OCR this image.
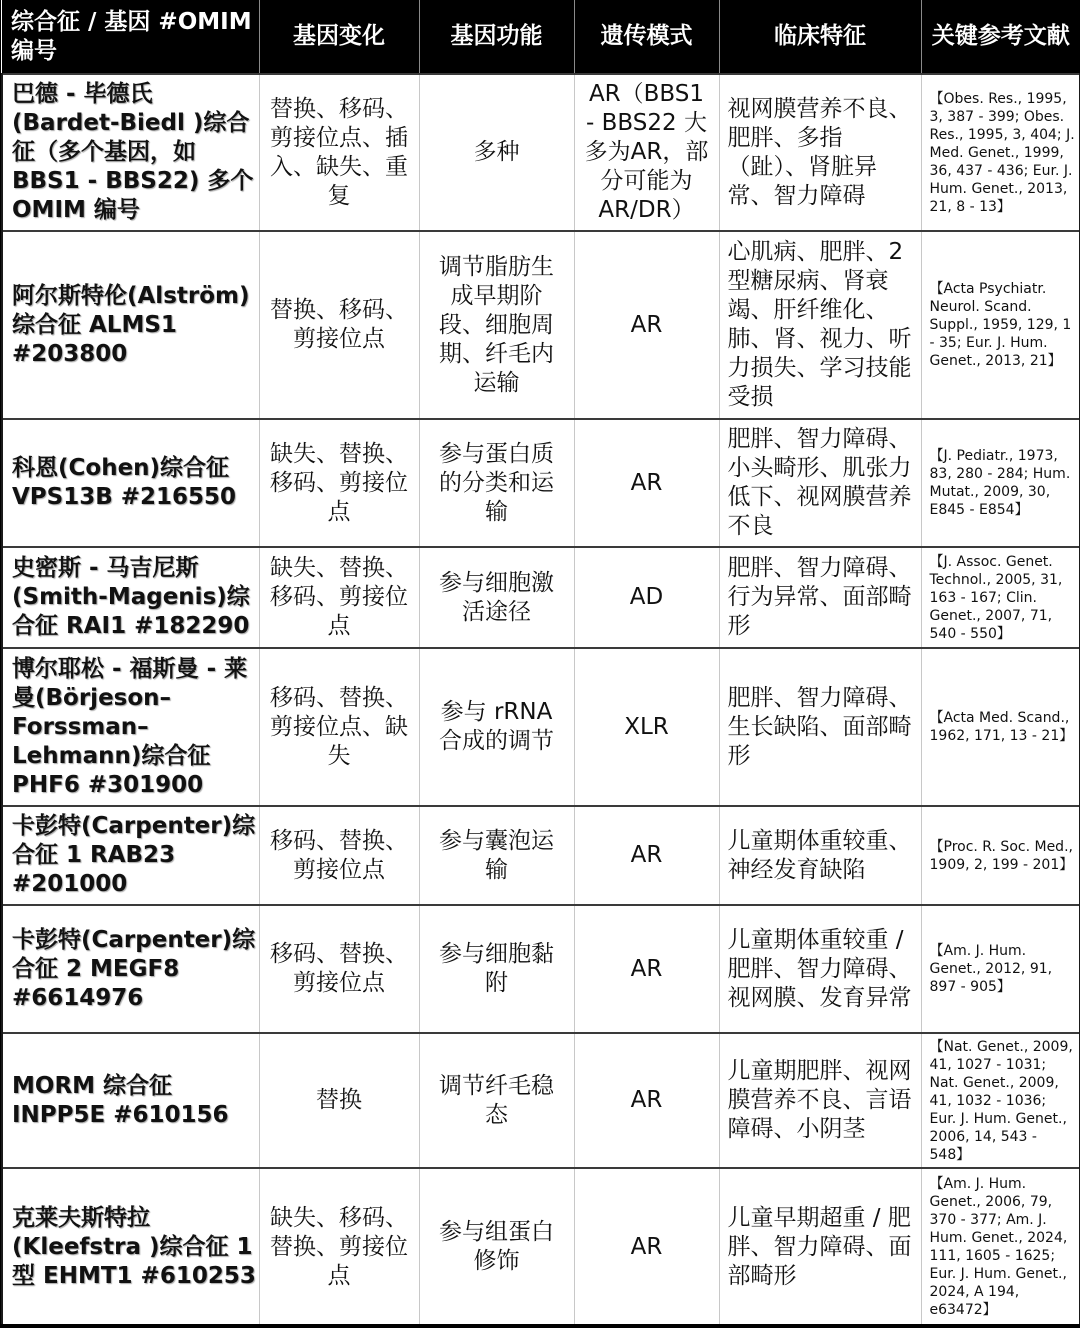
综合征 / 基因 #OMIM 编号	基因变化	基因功能	遗传模式	临床特征	关键参考文献
巴德 - 毕德氏 (Bardet-Biedl )综合征（多个基因，如 BBS1 - BBS22) 多个 OMIM 编号	替换、移码、剪接位点、插入、缺失、重复	多种	AR（BBS1 - BBS22 大多为AR，部分可能为AR/DR）	视网膜营养不良、肥胖、多指（趾）、肾脏异常、智力障碍	【Obes. Res., 1995, 3, 387 - 399; Obes. Res., 1995, 3, 404; J. Med. Genet., 1999, 36, 437 - 436; Eur. J. Hum. Genet., 2013, 21, 8 - 13】
阿尔斯特伦(Alström) 综合征 ALMS1 #203800	替换、移码、剪接位点	调节脂肪生成早期阶段、细胞周期、纤毛内运输	AR	心肌病、肥胖、2 型糖尿病、肾衰竭、肝纤维化、肺、肾、视力、听力损失、学习技能受损	【Acta Psychiatr. Neurol. Scand. Suppl., 1959, 129, 1 - 35; Eur. J. Hum. Genet., 2013, 21】
科恩(Cohen)综合征 VPS13B #216550	缺失、替换、移码、剪接位点	参与蛋白质的分类和运输	AR	肥胖、智力障碍、小头畸形、肌张力低下、视网膜营养不良	【J. Pediatr., 1973, 83, 280 - 284; Hum. Mutat., 2009, 30, E845 - E854】
史密斯 - 马吉尼斯 (Smith-Magenis)综合征 RAI1 #182290	缺失、替换、移码、剪接位点	参与细胞激活途径	AD	肥胖、智力障碍、行为异常、面部畸形	【J. Assoc. Genet. Technol., 2005, 31, 163 - 167; Clin. Genet., 2007, 71, 540 - 550】
博尔耶松 - 福斯曼 - 莱曼(Börjeson–Forssman–Lehmann)综合征 PHF6 #301900	移码、替换、剪接位点、缺失	参与 rRNA 合成的调节	XLR	肥胖、智力障碍、生长缺陷、面部畸形	【Acta Med. Scand., 1962, 171, 13 - 21】
卡彭特(Carpenter)综合征 1 RAB23 #201000	移码、替换、剪接位点	参与囊泡运输	AR	儿童期体重较重、神经发育缺陷	【Proc. R. Soc. Med., 1909, 2, 199 - 201】
卡彭特(Carpenter)综合征 2 MEGF8 #6614976	移码、替换、剪接位点	参与细胞黏附	AR	儿童期体重较重 / 肥胖、智力障碍、视网膜、发育异常	【Am. J. Hum. Genet., 2012, 91, 897 - 905】
MORM 综合征 INPP5E #610156	替换	调节纤毛稳态	AR	儿童期肥胖、视网膜营养不良、言语障碍、小阴茎	【Nat. Genet., 2009, 41, 1027 - 1031; Nat. Genet., 2009, 41, 1032 - 1036; Eur. J. Hum. Genet., 2006, 14, 543 - 548】
克莱夫斯特拉 (Kleefstra )综合征 1 型 EHMT1 #610253	缺失、移码、替换、剪接位点	参与组蛋白修饰	AR	儿童早期超重 / 肥胖、智力障碍、面部畸形	【Am. J. Hum. Genet., 2006, 79, 370 - 377; Am. J. Hum. Genet., 2024, 111, 1605 - 1625; Eur. J. Hum. Genet., 2024, A 194, e63472】
